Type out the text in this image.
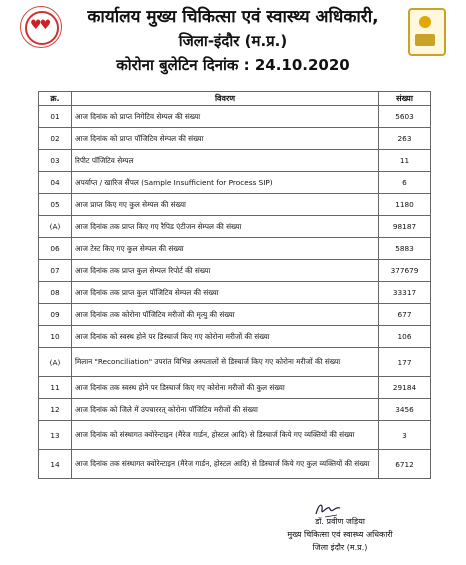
♥♥	कार्यालय मुख्य चिकित्सा एवं स्वास्थ्य अधिकारी,
जिला-इंदौर (म.प्र.)
कोरोना बुलेटिन दिनांक : 24.10.2020
क्र.	विवरण	संख्या
01	आज दिनांक को प्राप्त निगेटिव सेम्पल की संख्या	5603
02	आज दिनांक को प्राप्त पॉजिटिव सेम्पल की संख्या	263
03	रिपीट पॉजिटिव सेम्पल	11
04	अपर्याप्त / खारिज सैंपल (Sample Insufficient for Process SIP)	6
05	आज प्राप्त किए गए कुल सेम्पल की संख्या	1180
(A)	आज दिनांक तक प्राप्त किए गए रैपिड एंटीजन सेम्पल की संख्या	98187
06	आज टेस्ट किए गए कुल सेम्पल की संख्या	5883
07	आज दिनांक तक प्राप्त कुल सेम्पल रिपोर्ट की संख्या	377679
08	आज दिनांक तक प्राप्त कुल पॉजिटिव सेम्पल की संख्या	33317
09	आज दिनांक तक कोरोना पॉजिटिव मरीजों की मृत्यु की संख्या	677
10	आज दिनांक को स्वस्थ होने पर डिस्चार्ज किए गए कोरोना मरीजों की संख्या	106
(A)	मिलान "Reconciliation" उपरांत विभिन्न अस्पतालों से डिस्चार्ज किए गए कोरोना मरीजों की संख्या	177
11	आज दिनांक तक स्वस्थ होने पर डिस्चार्ज किए गए कोरोना मरीजों की कुल संख्या	29184
12	आज दिनांक को जिले में उपचाररत् कोरोना पॉजिटिव मरीजों की संख्या	3456
13	आज दिनांक को संस्थागत क्वोरेन्टाइन (मैरेज गार्डन, होस्टल आदि) से डिस्चार्ज किये गए व्यक्तियों की संख्या	3
14	आज दिनांक तक संस्थागत क्वोरेन्टाइन (मैरेज गार्डन, होस्टल आदि) से डिस्चार्ज किये गए कुल व्यक्तियों की संख्या	6712
डॉ. प्रवीण जड़िया
मुख्य चिकित्सा एवं स्वास्थ्य अधिकारी
जिला इंदौर (म.प्र.)
